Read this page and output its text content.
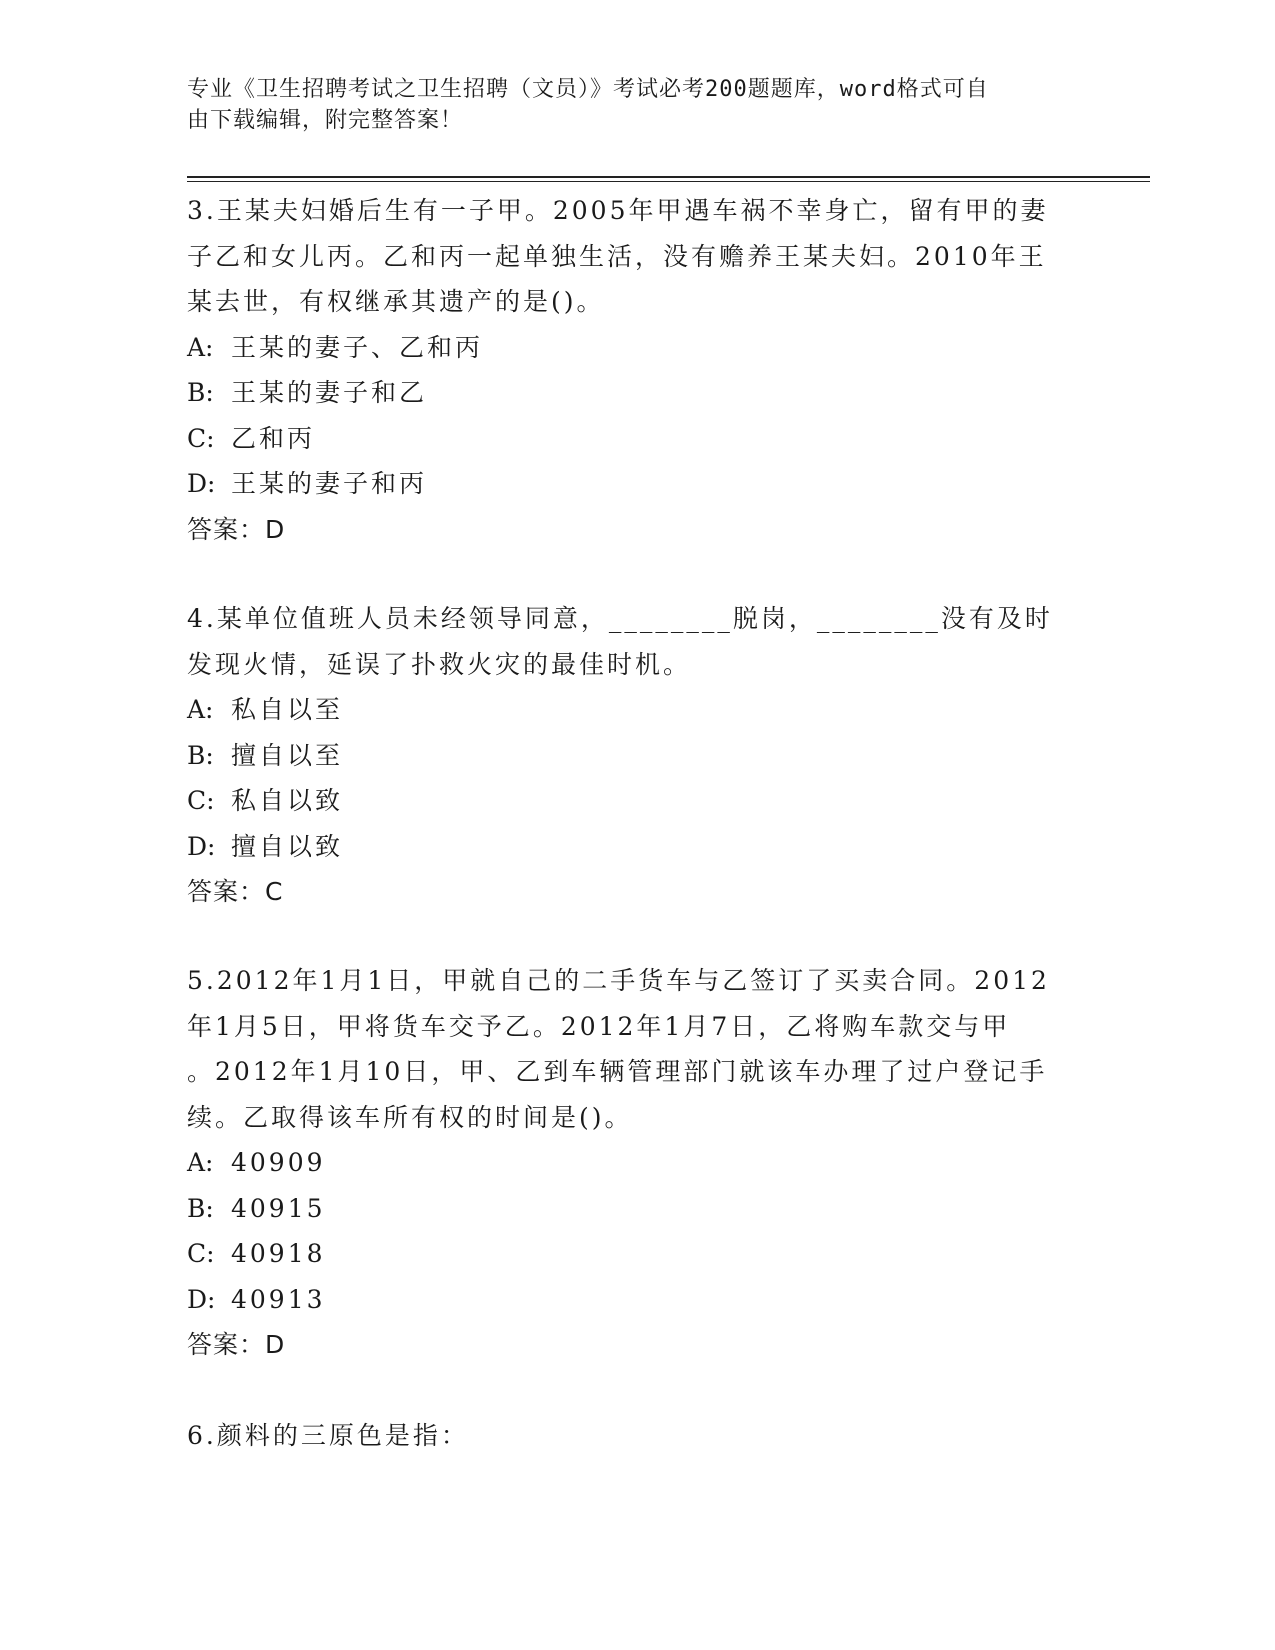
专业《卫生招聘考试之卫生招聘（文员）》考试必考200题题库，word格式可自
由下载编辑，附完整答案！

3.王某夫妇婚后生有一子甲。2005年甲遇车祸不幸身亡，留有甲的妻

子乙和女儿丙。乙和丙一起单独生活，没有赡养王某夫妇。2010年王

某去世，有权继承其遗产的是()。

A: 王某的妻子、乙和丙

B: 王某的妻子和乙

C: 乙和丙

D: 王某的妻子和丙

答案：D

4.某单位值班人员未经领导同意，________脱岗，________没有及时

发现火情，延误了扑救火灾的最佳时机。

A: 私自以至

B: 擅自以至

C: 私自以致

D: 擅自以致

答案：C

5.2012年1月1日，甲就自己的二手货车与乙签订了买卖合同。2012

年1月5日，甲将货车交予乙。2012年1月7日，乙将购车款交与甲

。2012年1月10日，甲、乙到车辆管理部门就该车办理了过户登记手

续。乙取得该车所有权的时间是()。

A: 40909

B: 40915

C: 40918

D: 40913

答案：D

6.颜料的三原色是指：
